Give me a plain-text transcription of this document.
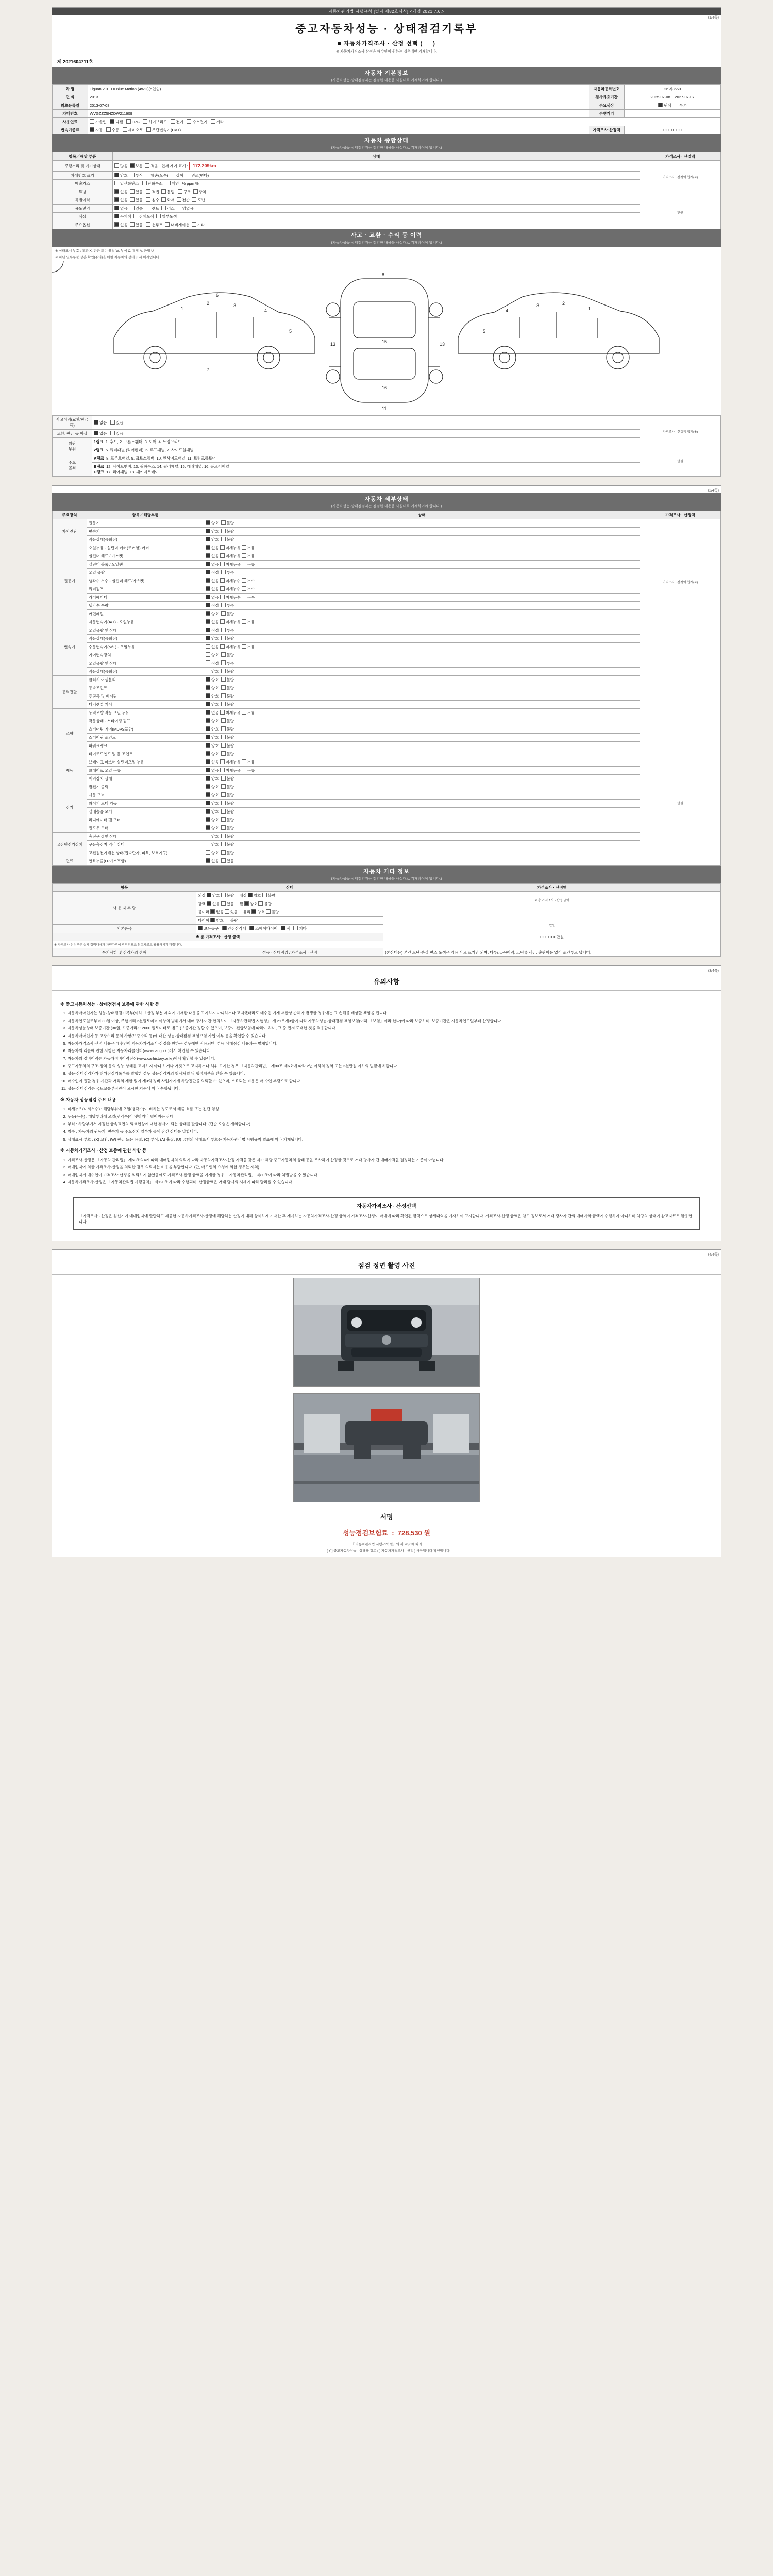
자동차관리법 시행규칙 [별지 제82호서식] <개정 2021.7.6.>
(1/4쪽)
중고자동차성능 · 상태점검기록부
■ 자동차가격조사 · 산정 선택 ( 　 )
※ 자동차가격조사·산정은 매수인이 원하는 경우에만 기재합니다.
제 2021604711호
자동차 기본정보
(자동차성능·상태점검자는 점검한 내용을 사실대로 기재하여야 합니다.)
차 명	Tiguan 2.0 TDI Blue Motion (4WD)(5인승)	자동차등록번호	26머8660
연 식	2013	검사유효기간	2025-07-08 ~ 2027-07-07
최초등록일	2013-07-08	주요색상	원색 투톤
차대번호	WVGZZZ5NZDW211609	주행거리	
사용연료	가솔린 디젤 LPG 하이브리드 전기 수소전기 기타		
변속기종류	자동 수동 세미오토 무단변속기(CVT)	가격조사·산정액	0 0 0 0 0 0
자동차 종합상태
(자동차성능·상태점검자는 점검한 내용을 사실대로 기재하여야 합니다.)
항목／해당 부품	상태	가격조사 · 산정액
주행거리 및 계기상태	많음 보통 적음 현재 계기 표시 : 172,209km	가격조사 · 산정액 합계(※)
만원

차대번호 표기	양호 부식 훼손(오손) 상이 변조(변타)	
배출가스	일산화탄소 탄화수소 매연 % ppm %	
튜닝	없음 있음 적법 불법 구조 장치	
특별이력	없음 있음 침수 화재 전손 도난	
용도변경	없음 있음 렌트 리스 영업용	
색상	무채색 전체도색 일부도색	
주요옵션	없음 있음 선루프 내비게이션 기타	
사고 · 교환 · 수리 등 이력
(자동차성능·상태점검자는 점검한 내용을 사실대로 기재하여야 합니다.)
※ 상태표시 부호 : 교환 X, 판금 또는 용접 W, 부식 C, 흠집 A, 긁힘 U
※ 하단 일부부품 상흔 확인(주의)을 위한 자동차의 상태 표시 예시입니다.
1
2	3
4
5
6
7
8
11
13	13
15
16
1
2
3
4
5
사고이력(교환/판금 등)	없음   있음	가격조사 · 산정액 합계(※)
만원

교환, 판금 등 이상	없음   있음	
외판
부위	1랭크 1. 후드, 2. 프론트휀더, 3. 도어, 4. 트렁크리드	
	2랭크 5. 쿼터패널 (리어휀더), 6. 루프패널, 7. 사이드실패널	
주요
골격	A랭크 8. 프론트패널, 9. 크로스멤버, 10. 인사이드패널, 11. 트렁크플로어	
	B랭크 12. 사이드멤버, 13. 휠하우스, 14. 필러패널, 15. 대쉬패널, 16. 플로어패널
C랭크 17. 리어패널, 18. 패키지트레이	
(2/4쪽)
자동차 세부상태
(자동차성능·상태점검자는 점검한 내용을 사실대로 기재하여야 합니다.)
주요장치	항목／해당부품	상태	가격조사 · 산정액
자기진단	원동기	양호  불량	가격조사 · 산정액 합계(※)
만원

	변속기	양호  불량	
	작동상태(공회전)	양호  불량	
원동기	오일누유 - 실린더 커버(로커암) 커버	없음 미세누유 누유	
	실린더 헤드 / 가스켓	없음 미세누유 누유	
	실린더 블록 / 오일팬	없음 미세누유 누유	
	오일 유량	적정  부족	
	냉각수 누수 - 실린더 헤드/가스켓	없음 미세누수 누수	
	워터펌프	없음 미세누수 누수	
	라디에이터	없음 미세누수 누수	
	냉각수 수량	적정  부족	
	커먼레일	양호  불량	
변속기	자동변속기(A/T) - 오일누유	없음 미세누유 누유	
	오일유량 및 상태	적정  부족	
	작동상태(공회전)	양호  불량	
	수동변속기(M/T) - 오일누유	없음 미세누유 누유	
	기어변속장치	양호  불량	
	오일유량 및 상태	적정  부족	
	작동상태(공회전)	양호  불량	
동력전달	클러치 어셈블리	양호  불량	
	등속조인트	양호  불량	
	추진축 및 베어링	양호  불량	
	디퍼렌셜 기어	양호  불량	
조향	동력조향 작동 오일 누유	없음 미세누유 누유	
	작동상태 - 스티어링 펌프	양호  불량	
	스티어링 기어(MDPS포함)	양호  불량	
	스티어링 조인트	양호  불량	
	파워크랭크	양호  불량	
	타이로드엔드 및 볼 조인트	양호  불량	
제동	브레이크 마스터 실린더오일 누유	없음 미세누유 누유	
	브레이크 오일 누유	없음 미세누유 누유	
	배력장치 상태	양호  불량	
전기	발전기 출력	양호  불량	
	시동 모터	양호  불량	
	와이퍼 모터 기능	양호  불량	
	실내송풍 모터	양호  불량	
	라디에이터 팬 모터	양호  불량	
	윈도우 모터	양호  불량	
고전원전기장치	충전구 절연 상태	양호  불량	
	구동축전지 격리 상태	양호  불량	
	고전원전기배선 상태(접속단자, 피복, 보호기구)	양호  불량	
연료	연료누출(LP가스포함)	없음  있음	
자동차 기타 정보
(자동차성능·상태점검자는 점검한 내용을 사실대로 기재하여야 합니다.)
항목	상태	가격조사 · 산정액
사 용 자 부 담	외장 양호 불량     내장 양호 불량	※ 총 가격조사 · 산정 금액
만원

	광택 없음 있음     휠 양호 불량	
	룸미러 없음 있음     유리 양호 불량	
	타이어 양호 불량	
기본품목	보유공구 안전삼각대 스페어타이어 잭 기타	
※ 총 가격조사 · 산정 금액		0 0 0 0 0 만원
※ 가격조사·산정액은 실제 정비내용과 차량가격에 반영되므로 참고자료로 활용하시기 바랍니다.		
특기사항 및 점검자의 견해	성능 · 상태점검 / 가격조사 · 산정	(본상태는) 본건 도난·분실·변조·도색은 임용 사고 표기만 되며, 타부/고품/이력, 코팅류 세금, 출판비용 없이 조건부로 납니다.
(3/4쪽)
유의사항
※ 중고자동차성능 · 상태점검자 보증에 관한 사항 등
1. 자동차매매업자는 성능·상태점검기록부(이하 「산정 부분 제외에 기재한 내용을 고지하지 아니하거나 고지했더라도 매수인 에게 재산상 손해가 발생한 경우에는 그 손해를 배상할 책임을 집니다.
2. 자동차인도일로부터 30일 이상, 주행거리 2천킬로미터 이상의 범위에서 매매 당사자 간 합의하여 「자동차관리법 시행령」 제 21조제3항에 따라 자동차성능·상태점검 책임보험(이하 「보험」이라 한다)에 따라 보증하며, 보증기간은 자동차인도일부터 산정합니다.
3. 자동차성능상태 보증기간 (30일, 보증거리가 2000 킬로미터로 별도 (보증기간 정할 수 있으며, 보증이 전합보험에 따라야 하며, 그 중 먼저 도래한 것을 적용합니다.
4. 자동차매매업자 등 고장수리 등의 사항(보증수리 등)에 대한 성능·상태점검 책임보험 가입 여부 등을 확인할 수 있습니다.
5. 자동차가격조사·산정 내용은 매수인이 자동차가격조사·산정을 원하는 경우에만 적용되며, 성능·상태점검 내용과는 별개입니다.
6. 자동차의 리콜에 관한 사항은 자동차리콜센터(www.car.go.kr)에서 확인할 수 있습니다.
7. 자동차의 정비이력은 자동차정비이력전산(www.carhistory.or.kr)에서 확인할 수 있습니다.
8. 중고자동차의 구조·장치 등의 성능·상태를 고지하지 아니 하거나 거짓으로 고지하거나 허위 고지한 경우 「자동차관리법」 제80조 제6호에 따라 2년 이하의 징역 또는 2천만원 이하의 벌금에 처합니다.
9. 성능·상태점검자가 허위점검기록부를 발행한 경우 성능점검자의 형사처벌 및 행정처분을 받을 수 있습니다.
10. 매수인이 원할 경우 시간과 거리의 제한 없이 제3의 정비 사업자에게 차량진단을 의뢰할 수 있으며, 소요되는 비용은 매 수인 부담으로 합니다.
11. 성능·상태점검은 국토교통부장관이 고시한 기준에 따라 수행됩니다.
※ 자동차 성능점검 주요 내용
1. 미세누유(미세누수) : 해당부위에 오일(냉각수)이 비치는 정도로서 배출 흐름 또는 진단 형성
2. 누유(누수) : 해당부위에 오일(냉각수)이 맺히거나 떨어지는 상태
3. 부식 : 차량부에서 지정한 금속표면의 퇴색현상에 대한 검사이 되는 상태를 말합니다. (단순 오염은 제외합니다)
4. 침수 : 자동차의 원동기, 변속기 등 주요장치 일부가 물에 잠긴 상태를 말합니다.
5. 상태표시 부호 : (X) 교환, (W) 판금 또는 용접, (C) 부식, (A) 흠집, (U) 긁힘의 상태표시 부호는 자동차관리법 시행규칙 별표에 따라 기재됩니다.
※ 자동차가격조사 · 산정 보증에 관한 사항 등
1. 가격조사·산정은 「자동차 관리법」 제58조의4에 따라 매매업자의 의뢰에 따라 자동차가격조사·산정 자격을 갖춘 자가 해당 중고자동차의 상태 등을 조사하여 산정한 것으로 거래 당사자 간 매매가격을 결정하는 기준이 아닙니다.
2. 매매업자에 의한 가격조사·산정을 의뢰한 경우 의뢰자는 비용을 부담합니다. (단, 매도인의 요청에 의한 경우는 제외)
3. 매매업자가 매수인이 가격조사·산정을 의뢰하지 않았음에도 가격조사·산정 금액을 기재한 경우 「자동차관리법」 제80조에 따라 처벌받을 수 있습니다.
4. 자동차가격조사·산정은 「자동차관리법 시행규칙」 제120조에 따라 수행되며, 산정금액은 거래 당시의 시세에 따라 달라질 수 있습니다.
자동차가격조사 · 산정선택
「가격조사 · 산정은 심신기기 매매업자에 할만하고 제공한 자동차가격조사·산정에 해당하는 산정에 대해 상세하게 기재한 후 제시하는 자동차가격조사·산정 금액이 가격조사·산정이 매매에 따라 확인된 금액으로 상세내역을 기재하여 고지합니다. 가격조사·산정 금액은 참고 정보로서 거래 당사자 간의 매매계약 금액에 수렴하지 아니하며 차량의 상태에 참고자료로 활용합니다.
(4/4쪽)
점검 정면 촬영 사진
서명
성능점검보험료  :  728,530 원
「 자동차관리법 시행규칙 별표의 제 20조에 따라
「 [ Y ] 중고자동차성능 · 상태를 검토 ( ) 자동차가격조사 · 산정 ] 사항입니다 확인합니다.
